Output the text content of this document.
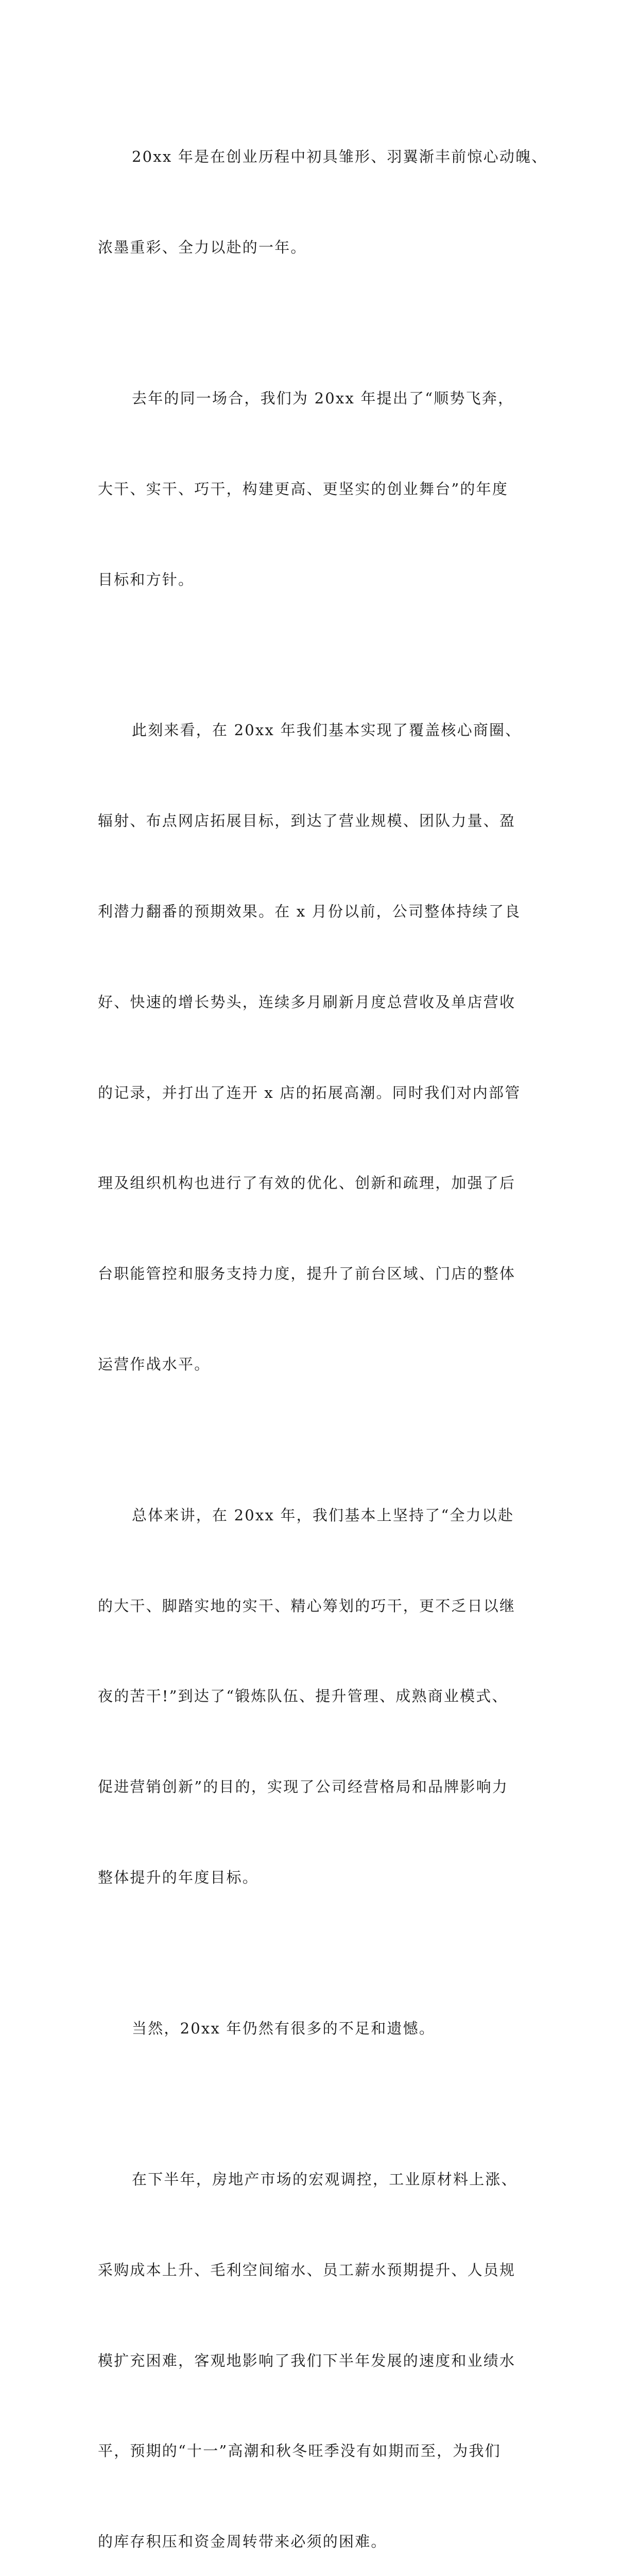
20xx 年是在创业历程中初具雏形、羽翼渐丰前惊心动魄、

浓墨重彩、全力以赴的一年。

去年的同一场合，我们为 20xx 年提出了“顺势飞奔，

大干、实干、巧干，构建更高、更坚实的创业舞台”的年度

目标和方针。

此刻来看，在 20xx 年我们基本实现了覆盖核心商圈、

辐射、布点网店拓展目标，到达了营业规模、团队力量、盈

利潜力翻番的预期效果。在 x 月份以前，公司整体持续了良

好、快速的增长势头，连续多月刷新月度总营收及单店营收

的记录，并打出了连开 x 店的拓展高潮。同时我们对内部管

理及组织机构也进行了有效的优化、创新和疏理，加强了后

台职能管控和服务支持力度，提升了前台区域、门店的整体

运营作战水平。

总体来讲，在 20xx 年，我们基本上坚持了“全力以赴

的大干、脚踏实地的实干、精心筹划的巧干，更不乏日以继

夜的苦干!”到达了“锻炼队伍、提升管理、成熟商业模式、

促进营销创新”的目的，实现了公司经营格局和品牌影响力

整体提升的年度目标。

当然，20xx 年仍然有很多的不足和遗憾。

在下半年，房地产市场的宏观调控，工业原材料上涨、

采购成本上升、毛利空间缩水、员工薪水预期提升、人员规

模扩充困难，客观地影响了我们下半年发展的速度和业绩水

平，预期的“十一”高潮和秋冬旺季没有如期而至，为我们

的库存积压和资金周转带来必须的困难。
